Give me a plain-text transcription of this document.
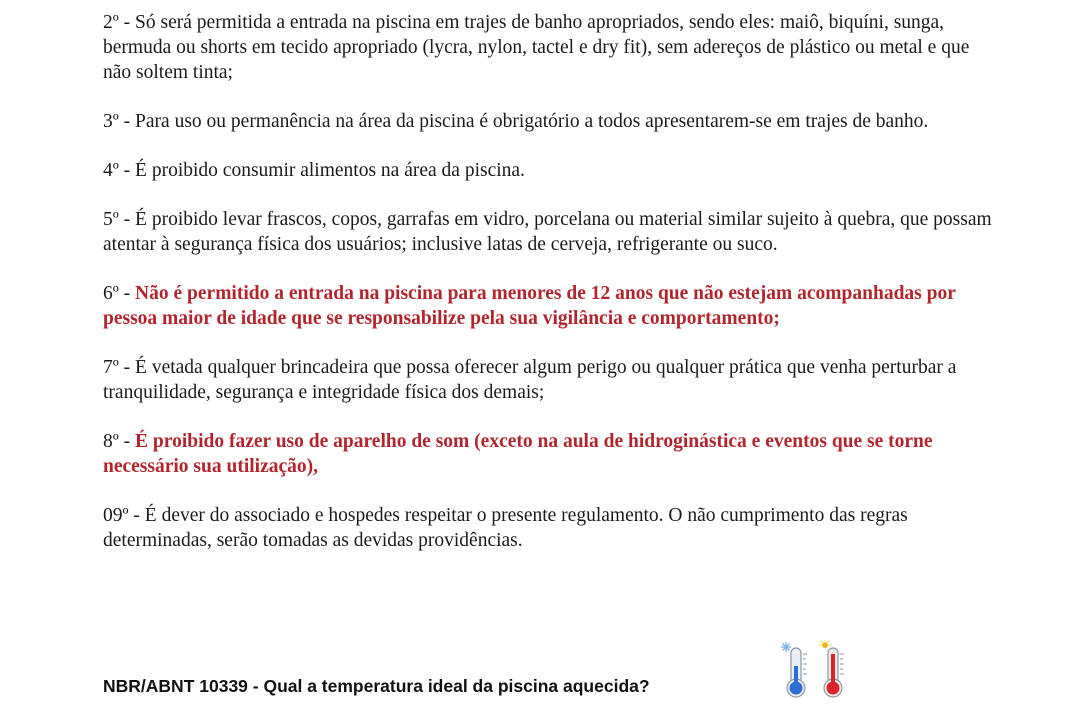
2º - Só será permitida a entrada na piscina em trajes de banho apropriados, sendo eles: maiô, biquíni, sunga, bermuda ou shorts em tecido apropriado (lycra, nylon, tactel e dry fit), sem adereços de plástico ou metal e que não soltem tinta;

3º - Para uso ou permanência na área da piscina é obrigatório a todos apresentarem-se em trajes de banho.

4º - É proibido consumir alimentos na área da piscina.

5º - É proibido levar frascos, copos, garrafas em vidro, porcelana ou material similar sujeito à quebra, que possam atentar à segurança física dos usuários; inclusive latas de cerveja, refrigerante ou suco.

6º - Não é permitido a entrada na piscina para menores de 12 anos que não estejam acompanhadas por pessoa maior de idade que se responsabilize pela sua vigilância e comportamento;

7º - É vetada qualquer brincadeira que possa oferecer algum perigo ou qualquer prática que venha perturbar a tranquilidade, segurança e integridade física dos demais;

8º - É proibido fazer uso de aparelho de som (exceto na aula de hidroginástica e eventos que se torne necessário sua utilização),

09º - É dever do associado e hospedes respeitar o presente regulamento. O não cumprimento das regras determinadas, serão tomadas as devidas providências.

NBR/ABNT 10339 - Qual a temperatura ideal da piscina aquecida?
